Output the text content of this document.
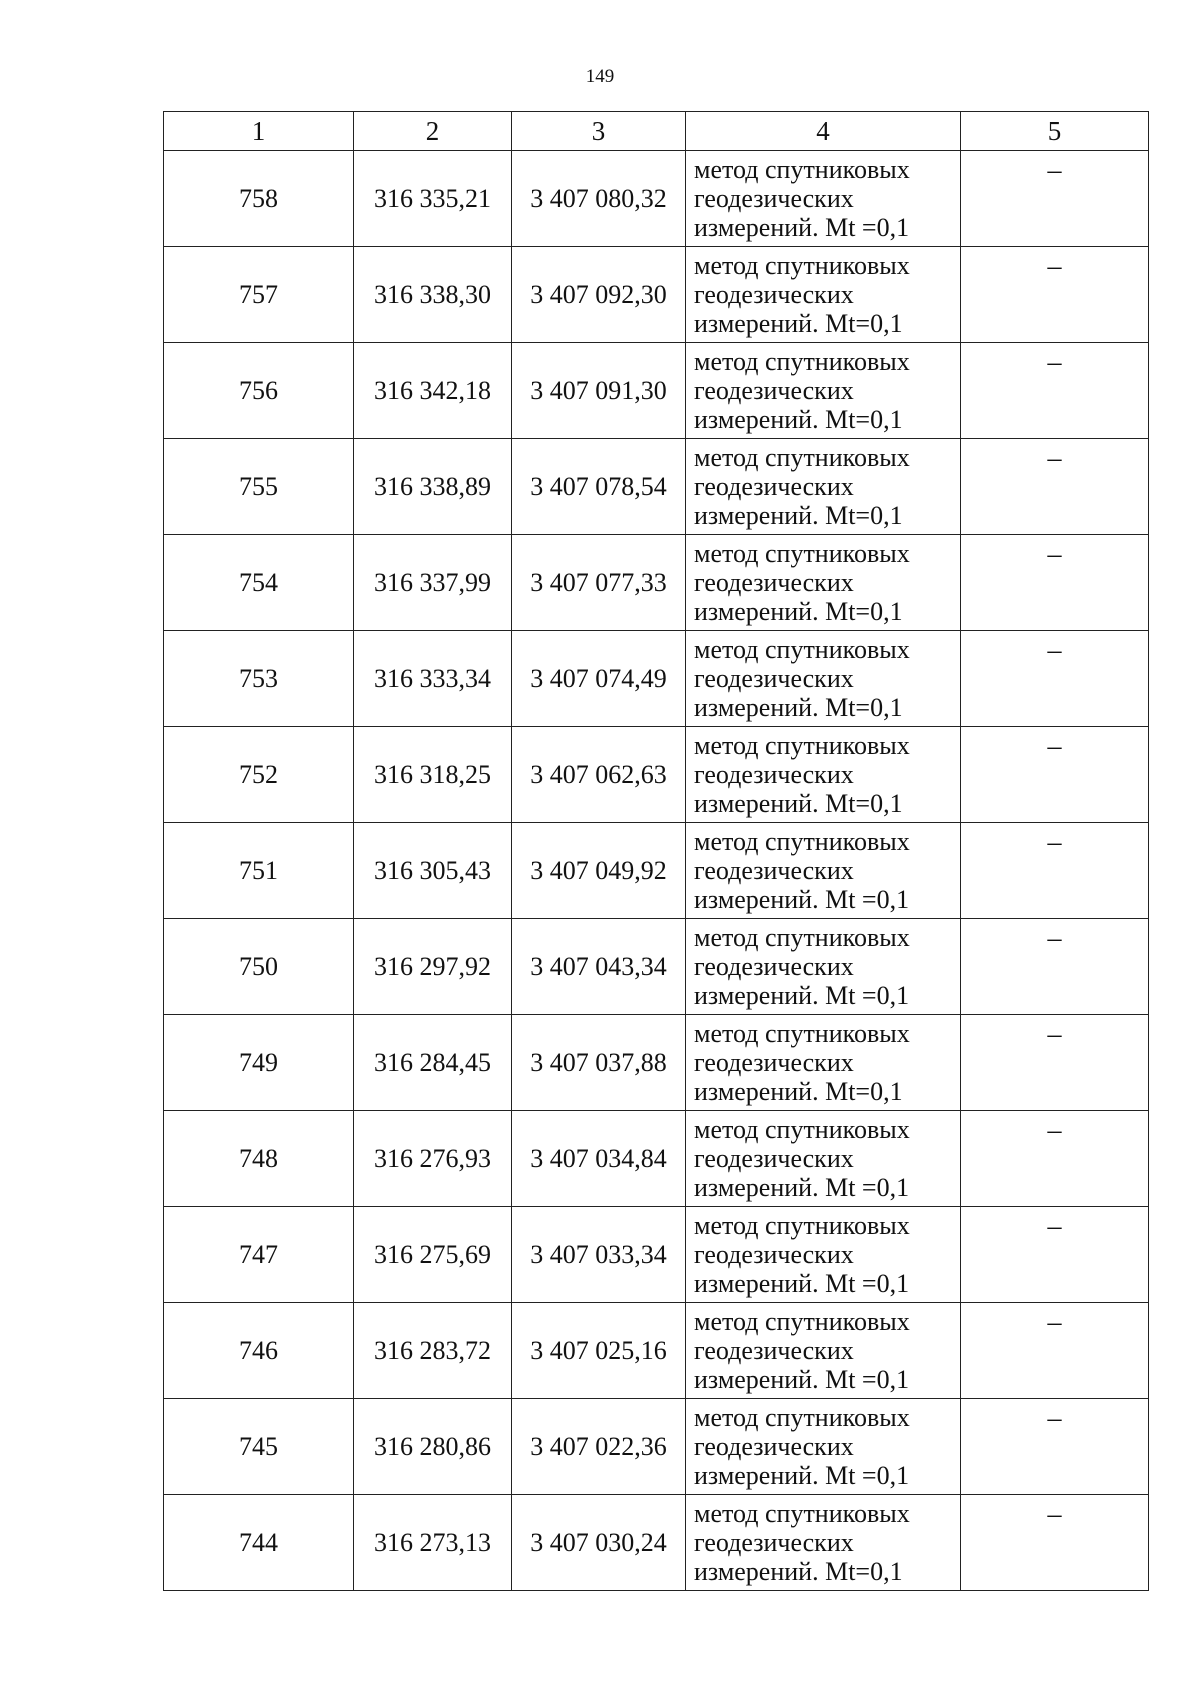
149
1	2	3	4	5
758	316 335,21	3 407 080,32	метод спутниковых
геодезических
измерений. Mt =0,1	–
757	316 338,30	3 407 092,30	метод спутниковых
геодезических
измерений. Mt=0,1	–
756	316 342,18	3 407 091,30	метод спутниковых
геодезических
измерений. Mt=0,1	–
755	316 338,89	3 407 078,54	метод спутниковых
геодезических
измерений. Mt=0,1	–
754	316 337,99	3 407 077,33	метод спутниковых
геодезических
измерений. Mt=0,1	–
753	316 333,34	3 407 074,49	метод спутниковых
геодезических
измерений. Mt=0,1	–
752	316 318,25	3 407 062,63	метод спутниковых
геодезических
измерений. Mt=0,1	–
751	316 305,43	3 407 049,92	метод спутниковых
геодезических
измерений. Mt =0,1	–
750	316 297,92	3 407 043,34	метод спутниковых
геодезических
измерений. Mt =0,1	–
749	316 284,45	3 407 037,88	метод спутниковых
геодезических
измерений. Mt=0,1	–
748	316 276,93	3 407 034,84	метод спутниковых
геодезических
измерений. Mt =0,1	–
747	316 275,69	3 407 033,34	метод спутниковых
геодезических
измерений. Mt =0,1	–
746	316 283,72	3 407 025,16	метод спутниковых
геодезических
измерений. Mt =0,1	–
745	316 280,86	3 407 022,36	метод спутниковых
геодезических
измерений. Mt =0,1	–
744	316 273,13	3 407 030,24	метод спутниковых
геодезических
измерений. Mt=0,1	–
